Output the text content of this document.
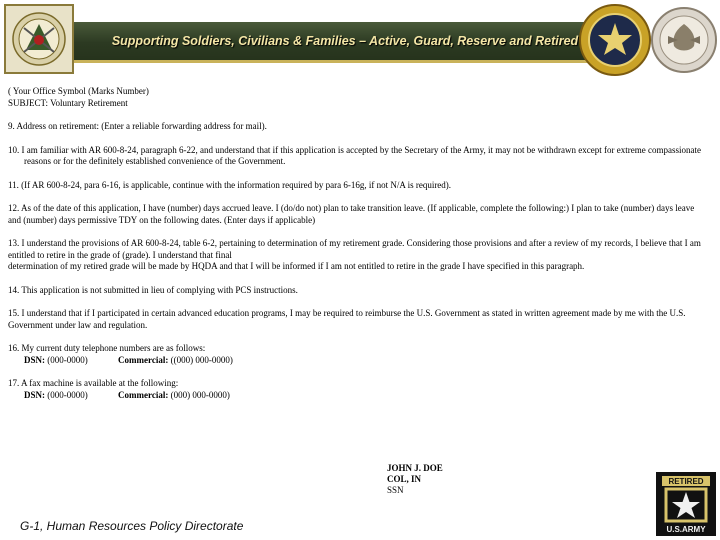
Supporting Soldiers, Civilians & Families – Active, Guard, Reserve and Retired

( Your Office Symbol (Marks Number)

SUBJECT: Voluntary Retirement

9. Address on retirement: (Enter a reliable forwarding address for mail).

10. I am familiar with AR 600-8-24, paragraph 6-22, and understand that if this application is accepted by the Secretary of the Army, it may not be withdrawn except for extreme compassionate reasons or for the definitely established convenience of the Government.

11. (If AR 600-8-24, para 6-16, is applicable, continue with the information required by para 6-16g, if not N/A is required).

12. As of the date of this application, I have (number) days accrued leave. I (do/do not) plan to take transition leave. (If applicable, complete the following:) I plan to take (number) days leave and (number) days permissive TDY on the following dates. (Enter days if applicable)

13. I understand the provisions of AR 600-8-24, table 6-2, pertaining to determination of my retirement grade. Considering those provisions and after a review of my records, I believe that I am entitled to retire in the grade of (grade). I understand that final

determination of my retired grade will be made by HQDA and that I will be informed if I am not entitled to retire in the grade I have specified in this paragraph.

14. This application is not submitted in lieu of complying with PCS instructions.

15. I understand that if I participated in certain advanced education programs, I may be required to reimburse the U.S. Government as stated in written agreement made by me with the U.S. Government under law and regulation.

16. My current duty telephone numbers are as follows:

DSN: (000-0000)	Commercial: ((000) 000-0000)

17. A fax machine is available at the following:

DSN: (000-0000)	Commercial: (000) 000-0000)

JOHN J. DOE
COL, IN
SSN
G-1, Human Resources Policy Directorate
RETIRED
U.S.ARMY
